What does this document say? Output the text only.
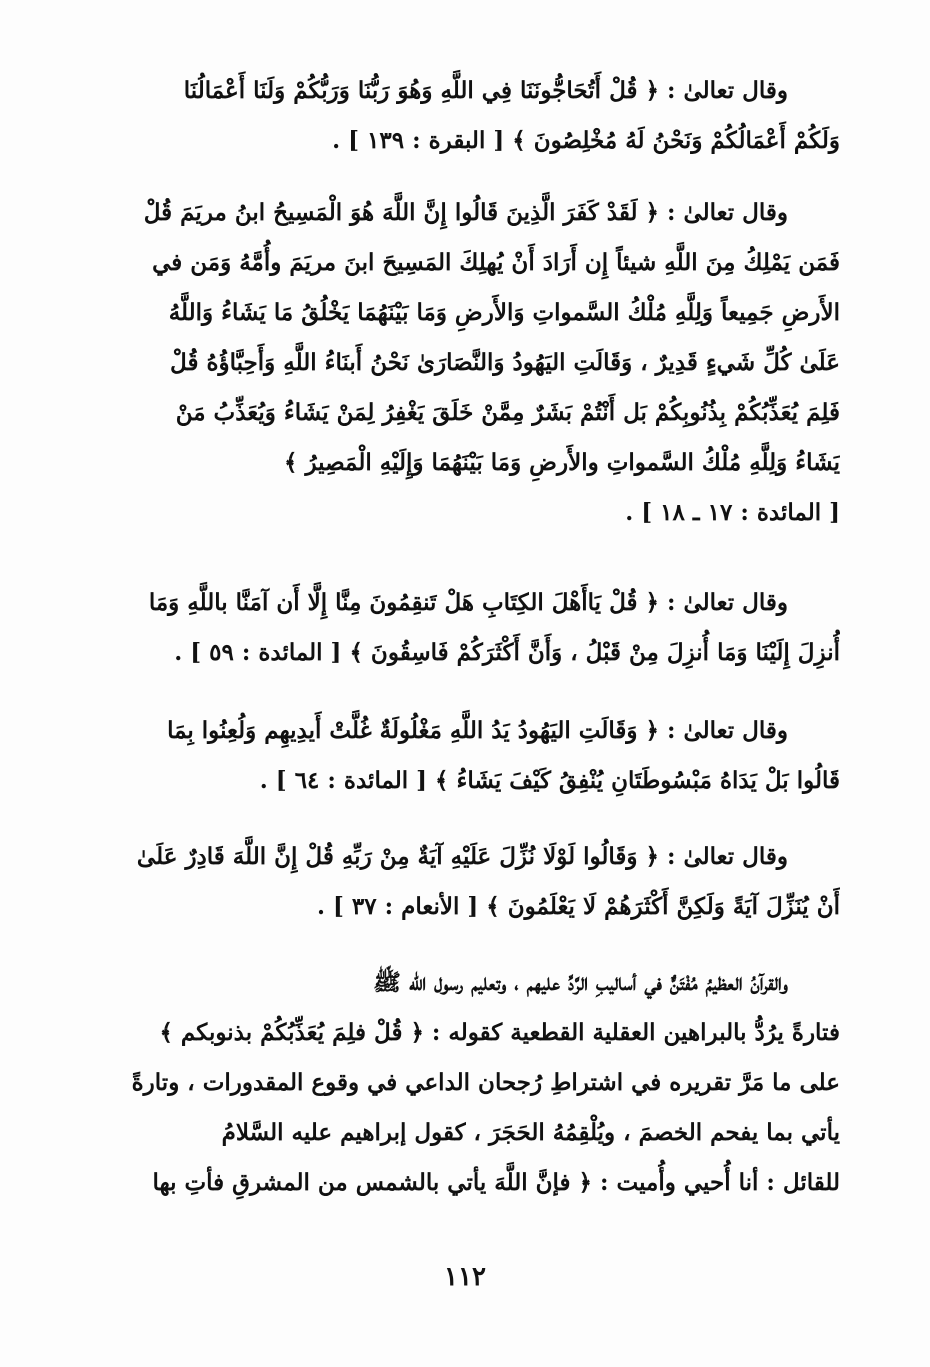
وقال تعالىٰ : ﴿ قُلْ أَتُحَاجُّونَنَا فِي اللَّهِ وَهُوَ رَبُّنَا وَرَبُّكُمْ وَلَنَا أَعْمَالُنَا
وَلَكُمْ أَعْمَالُكُمْ وَنَحْنُ لَهُ مُخْلِصُونَ ﴾ [ البقرة : ١٣٩ ] .
وقال تعالىٰ : ﴿ لَقَدْ كَفَرَ الَّذِينَ قَالُوا إِنَّ اللَّهَ هُوَ الْمَسِيحُ ابنُ مريَمَ قُلْ
فَمَن يَمْلِكُ مِنَ اللَّهِ شيئاً إِن أَرَادَ أَنْ يُهلِكَ المَسِيحَ ابنَ مريَمَ وأُمَّهُ وَمَن في
الأَرضِ جَمِيعاً وَلِلَّهِ مُلْكُ السَّمواتِ وَالأَرضِ وَمَا بَيْنَهُمَا يَخْلُقُ مَا يَشَاءُ وَاللَّهُ
عَلَىٰ كُلِّ شَيءٍ قَدِيرٌ ، وَقَالَتِ اليَهُودُ وَالنَّصَارَىٰ نَحْنُ أَبنَاءُ اللَّهِ وَأَحِبَّاؤُهُ قُلْ
فَلِمَ يُعَذِّبُكُمْ بِذُنُوبِكُمْ بَل أَنْتُمْ بَشَرٌ مِمَّنْ خَلَقَ يَغْفِرُ لِمَنْ يَشَاءُ وَيُعَذِّبُ مَنْ
يَشَاءُ وَلِلَّهِ مُلْكُ السَّمواتِ والأَرضِ وَمَا بَيْنَهُمَا وَإِلَيْهِ الْمَصِيرُ ﴾
[ المائدة : ١٧ ـ ١٨ ] .
وقال تعالىٰ : ﴿ قُلْ يَاأَهْلَ الكِتَابِ هَلْ تَنقِمُونَ مِنَّا إِلَّا أَن آمَنَّا باللَّهِ وَمَا
أُنزِلَ إِلَيْنَا وَمَا أُنزِلَ مِنْ قَبْلُ ، وَأَنَّ أَكْثَرَكُمْ فَاسِقُونَ ﴾ [ المائدة : ٥٩ ] .
وقال تعالىٰ : ﴿ وَقَالَتِ اليَهُودُ يَدُ اللَّهِ مَغْلُولَةٌ غُلَّتْ أَيدِيهِم وَلُعِنُوا بِمَا
قَالُوا بَلْ يَدَاهُ مَبْسُوطَتَانِ يُنْفِقُ كَيْفَ يَشَاءُ ﴾ [ المائدة : ٦٤ ] .
وقال تعالىٰ : ﴿ وَقَالُوا لَوْلَا نُزِّلَ عَلَيْهِ آيَةٌ مِنْ رَبِّهِ قُلْ إِنَّ اللَّهَ قَادِرٌ عَلَىٰ
أَنْ يُنَزِّلَ آيَةً وَلَكِنَّ أَكْثَرَهُمْ لَا يَعْلَمُونَ ﴾ [ الأنعام : ٣٧ ] .
والقرآنُ العظيمُ مُفْتَنٌّ في أساليبِ الرَّدِّ عليهم ، وتعليم رسول الله ﷺ
فتارةً يرُدُّ بالبراهين العقلية القطعية كقوله : ﴿ قُلْ فلِمَ يُعَذِّبُكُمْ بذنوبكم ﴾
على ما مَرَّ تقريره في اشتراطِ رُجحان الداعي في وقوع المقدورات ، وتارةً
يأتي بما يفحم الخصمَ ، ويُلْقِمُهُ الحَجَرَ ، كقول إبراهيم عليه السَّلامُ
للقائل : أنا أُحيي وأُميت : ﴿ فإنَّ اللَّهَ يأتي بالشمس من المشرقِ فأتِ بها
١١٢
